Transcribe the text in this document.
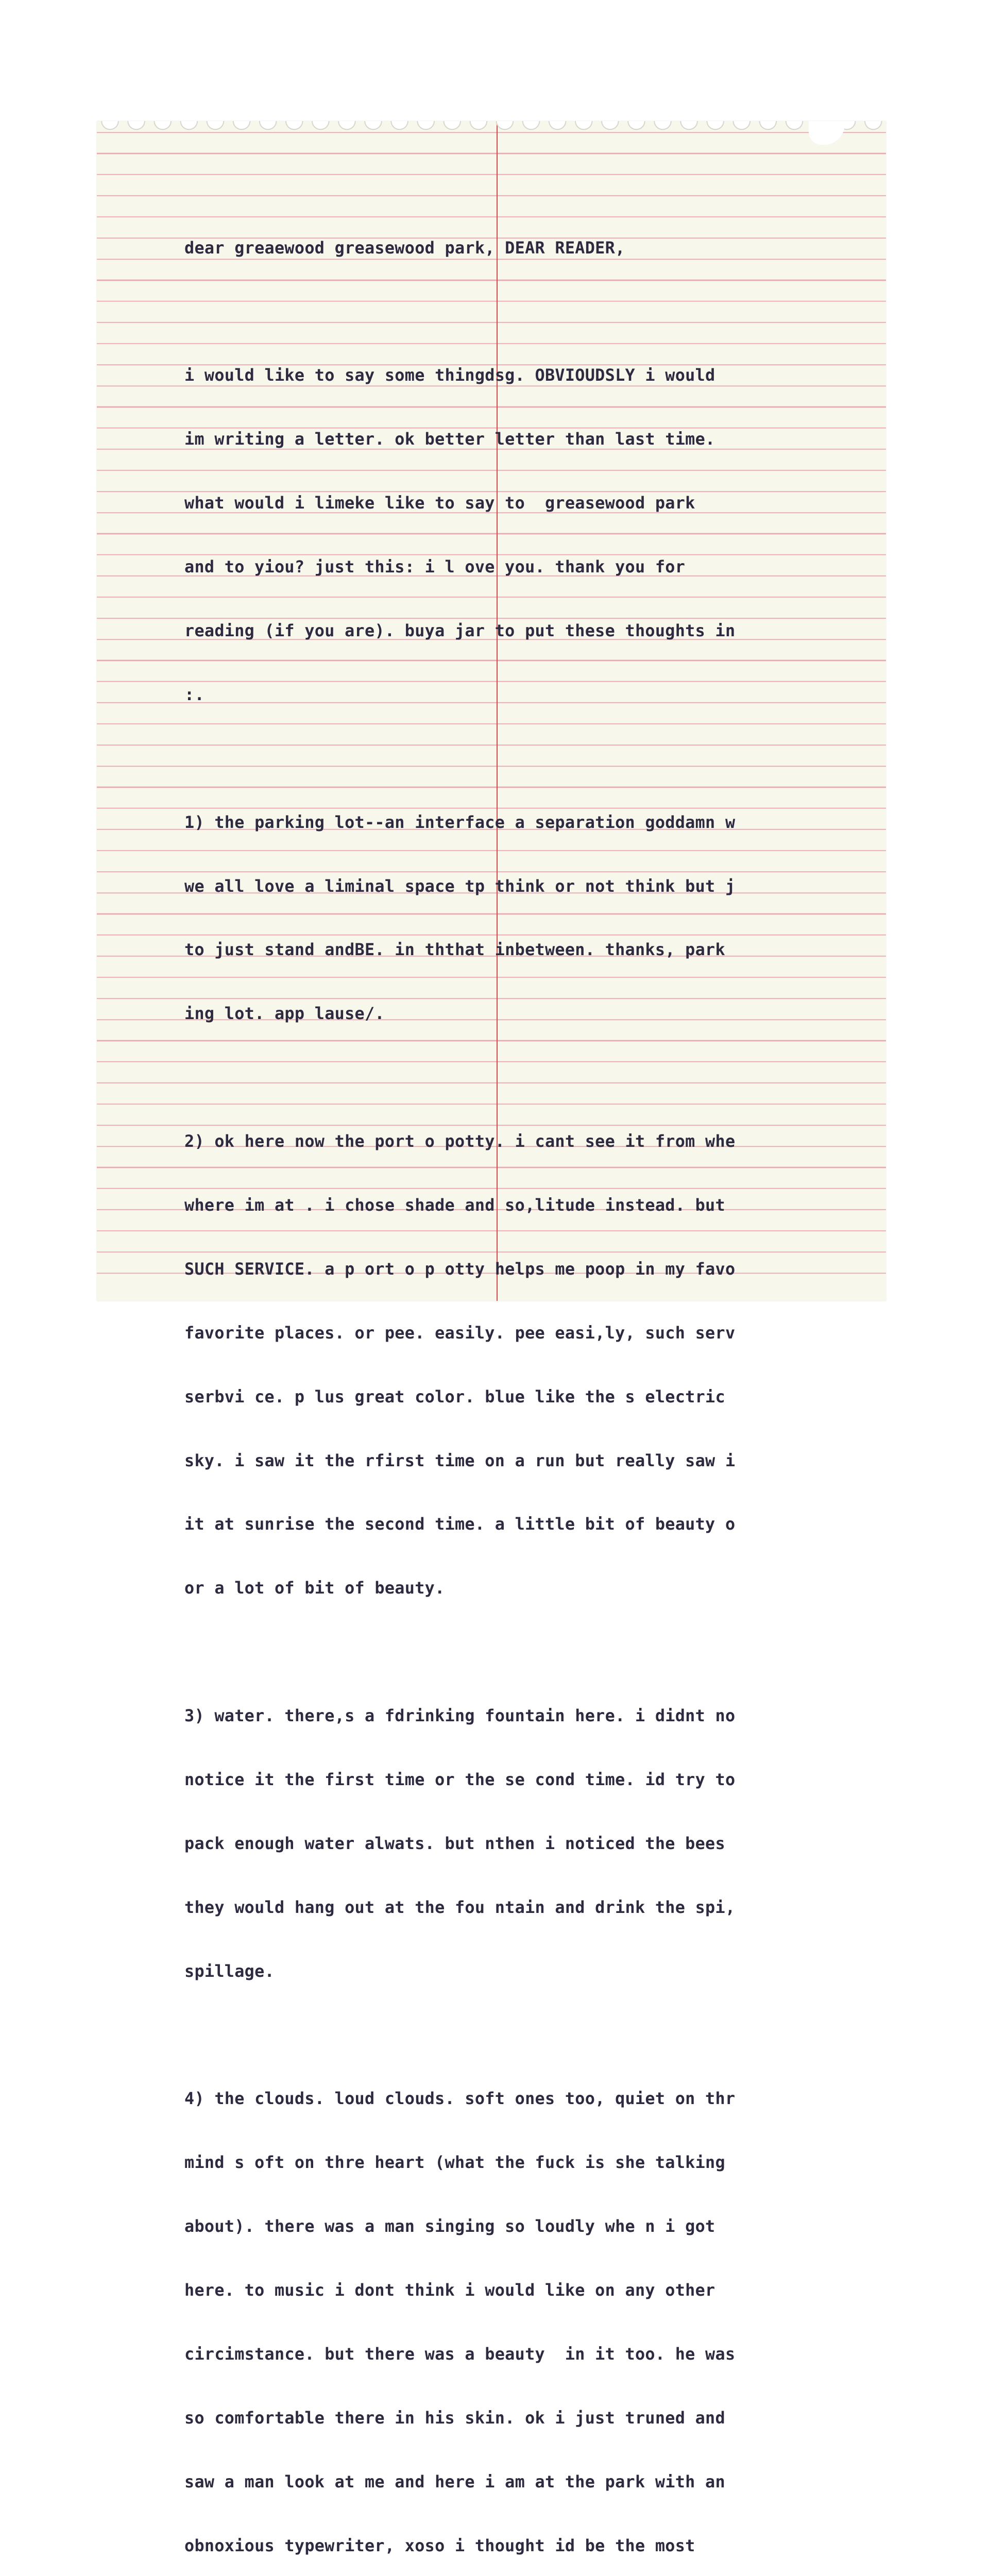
dear greaewood greasewood park, DEAR READER,

i would like to say some thingdsg. OBVIOUDSLY i would

im writing a letter. ok better letter than last time.

what would i limeke like to say to  greasewood park

and to yiou? just this: i l ove you. thank you for

reading (if you are). buya jar to put these thoughts in

:.

1) the parking lot--an interface a separation goddamn w

we all love a liminal space tp think or not think but j

to just stand andBE. in ththat inbetween. thanks, park

ing lot. app lause/.

2) ok here now the port o potty. i cant see it from whe

where im at . i chose shade and so,litude instead. but

SUCH SERVICE. a p ort o p otty helps me poop in my favo

favorite places. or pee. easily. pee easi,ly, such serv

serbvi ce. p lus great color. blue like the s electric

sky. i saw it the rfirst time on a run but really saw i

it at sunrise the second time. a little bit of beauty o

or a lot of bit of beauty.

3) water. there,s a fdrinking fountain here. i didnt no

notice it the first time or the se cond time. id try to

pack enough water alwats. but nthen i noticed the bees

they would hang out at the fou ntain and drink the spi,

spillage.

4) the clouds. loud clouds. soft ones too, quiet on thr

mind s oft on thre heart (what the fuck is she talking

about). there was a man singing so loudly whe n i got

here. to music i dont think i would like on any other

circimstance. but there was a beauty  in it too. he was

so comfortable there in his skin. ok i just truned and

saw a man look at me and here i am at the park with an

obnoxious typewriter, xoso i thought id be the most
